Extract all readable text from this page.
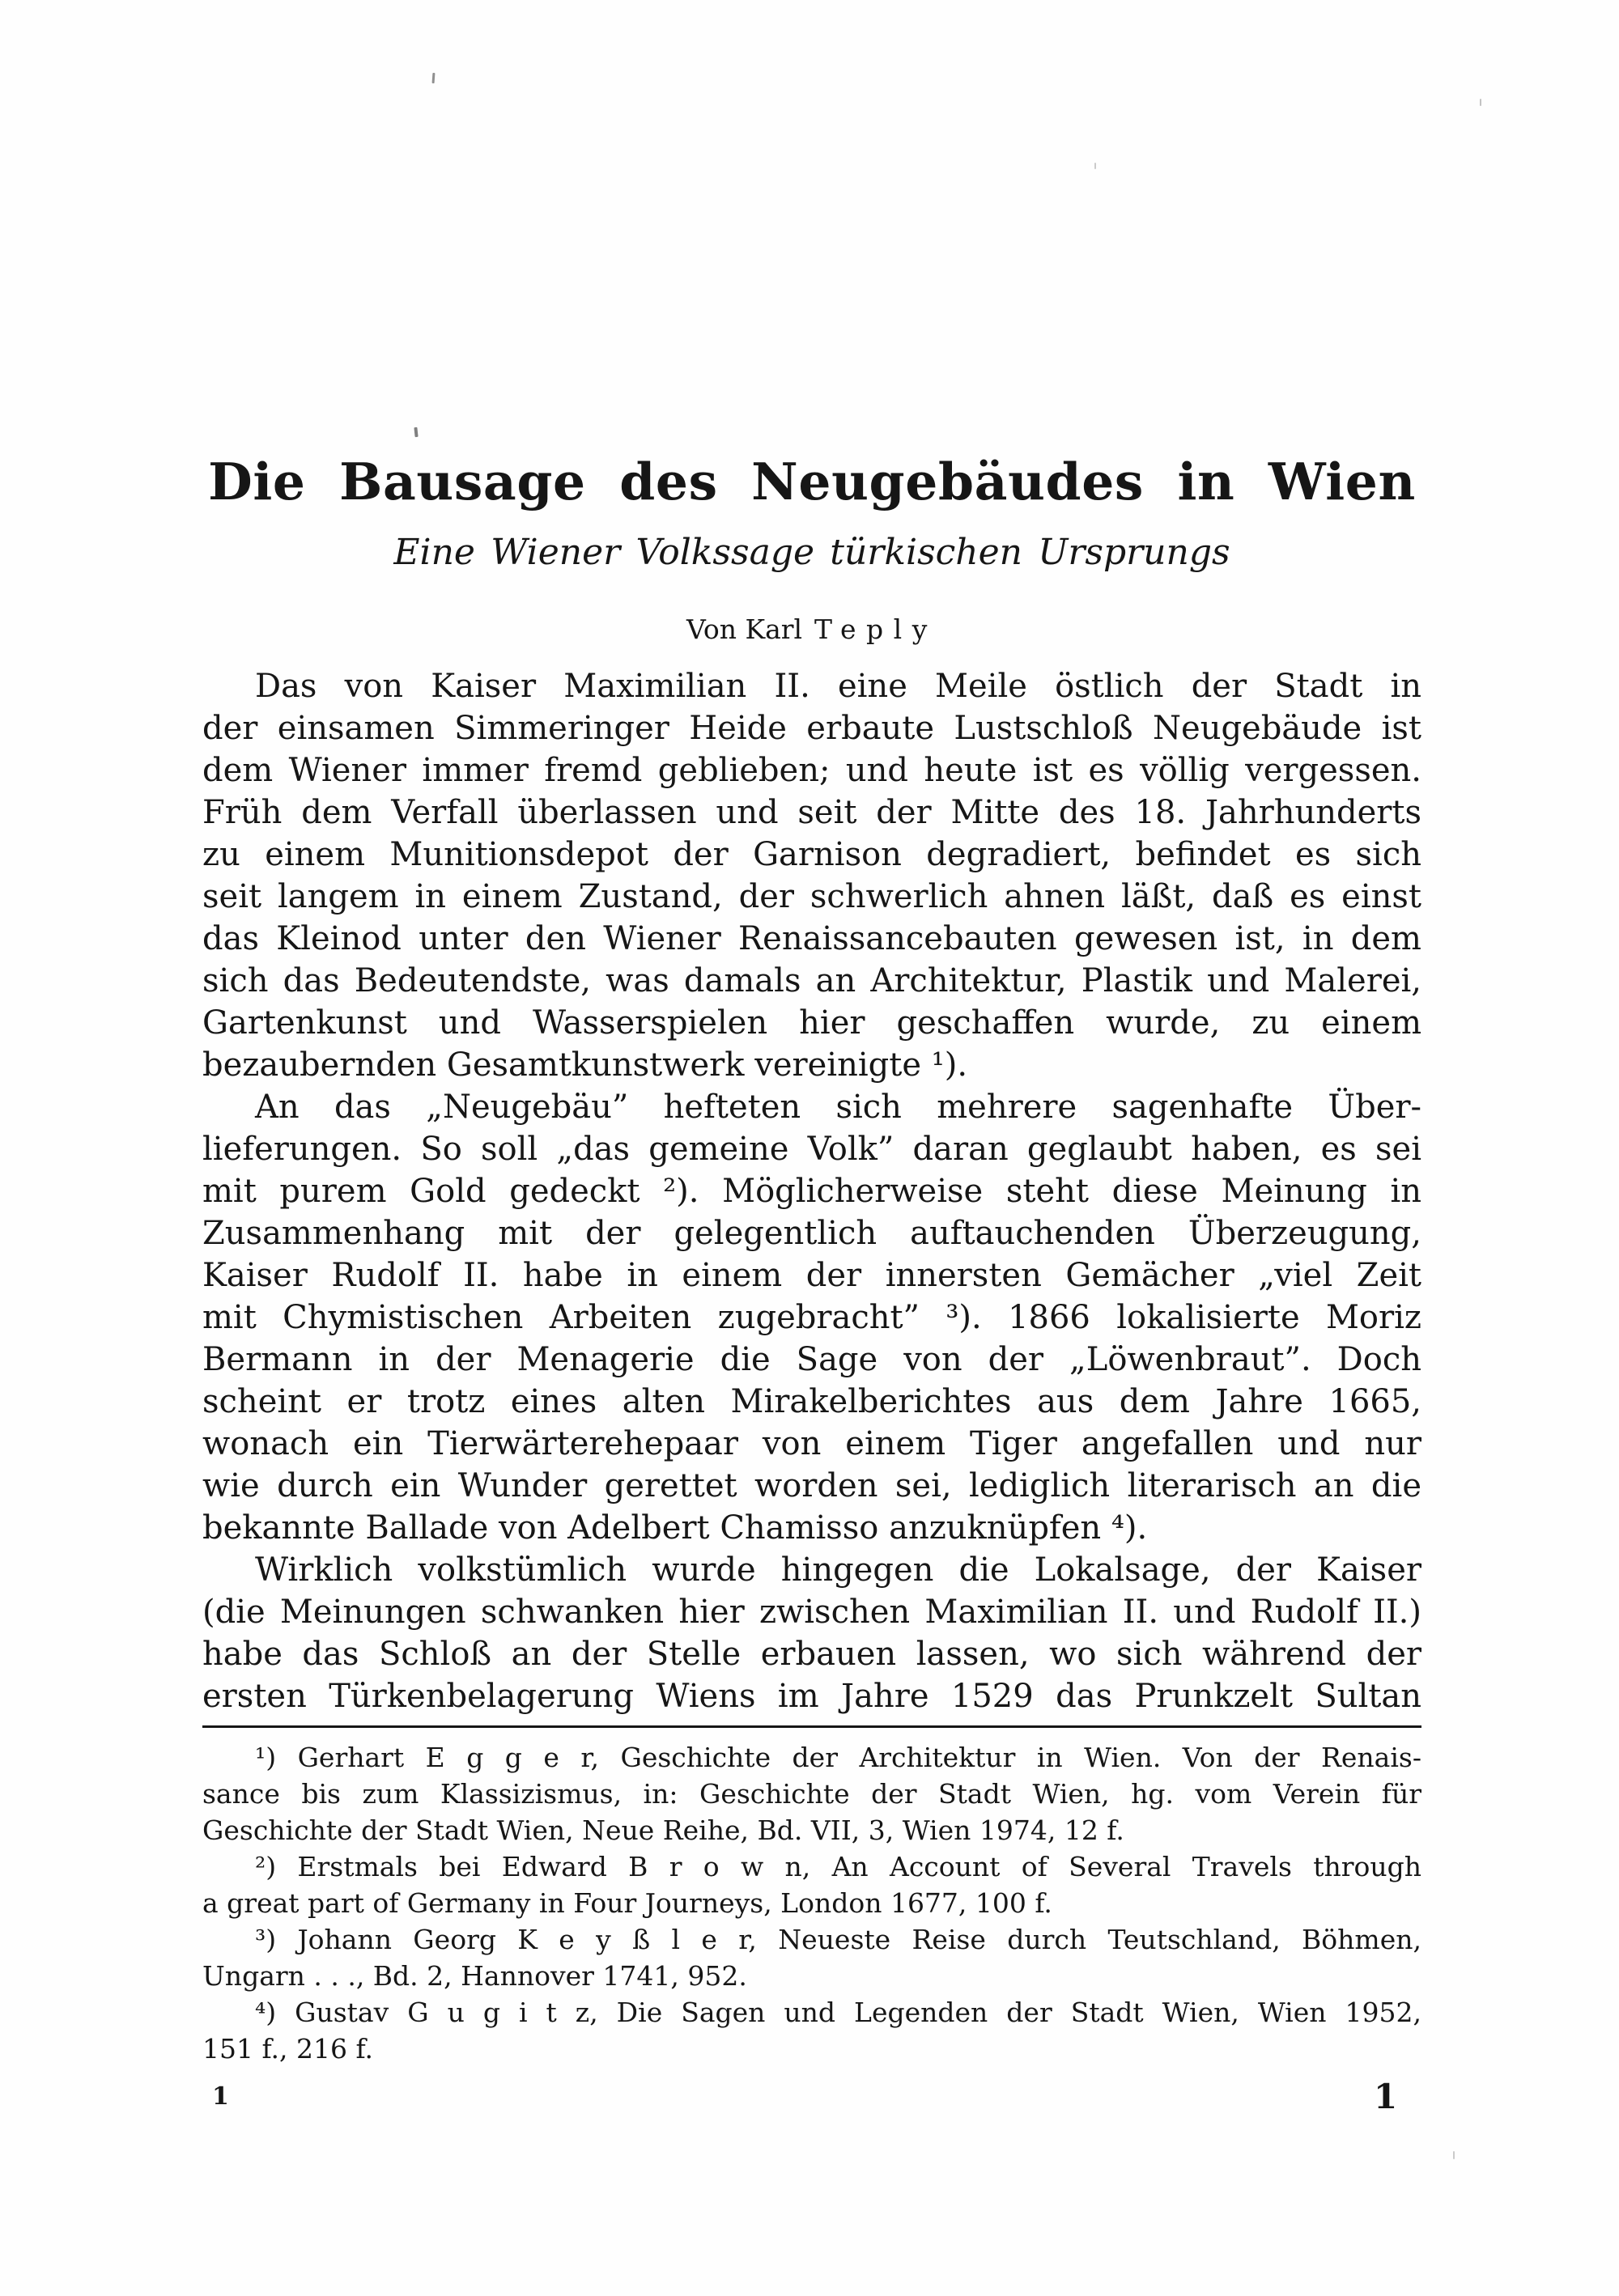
Die Bausage des Neugebäudes in Wien
Eine Wiener Volkssage türkischen Ursprungs
Von Karl Teply
Das von Kaiser Maximilian II. eine Meile östlich der Stadt in
der einsamen Simmeringer Heide erbaute Lustschloß Neugebäude ist
dem Wiener immer fremd geblieben; und heute ist es völlig vergessen.
Früh dem Verfall überlassen und seit der Mitte des 18. Jahrhunderts
zu einem Munitionsdepot der Garnison degradiert, befindet es sich
seit langem in einem Zustand, der schwerlich ahnen läßt, daß es einst
das Kleinod unter den Wiener Renaissancebauten gewesen ist, in dem
sich das Bedeutendste, was damals an Architektur, Plastik und Malerei,
Gartenkunst und Wasserspielen hier geschaffen wurde, zu einem
bezaubernden Gesamtkunstwerk vereinigte ¹).
An das „Neugebäu” hefteten sich mehrere sagenhafte Über-
lieferungen. So soll „das gemeine Volk” daran geglaubt haben, es sei
mit purem Gold gedeckt ²). Möglicherweise steht diese Meinung in
Zusammenhang mit der gelegentlich auftauchenden Überzeugung,
Kaiser Rudolf II. habe in einem der innersten Gemächer „viel Zeit
mit Chymistischen Arbeiten zugebracht” ³). 1866 lokalisierte Moriz
Bermann in der Menagerie die Sage von der „Löwenbraut”. Doch
scheint er trotz eines alten Mirakelberichtes aus dem Jahre 1665,
wonach ein Tierwärterehepaar von einem Tiger angefallen und nur
wie durch ein Wunder gerettet worden sei, lediglich literarisch an die
bekannte Ballade von Adelbert Chamisso anzuknüpfen ⁴).
Wirklich volkstümlich wurde hingegen die Lokalsage, der Kaiser
(die Meinungen schwanken hier zwischen Maximilian II. und Rudolf II.)
habe das Schloß an der Stelle erbauen lassen, wo sich während der
ersten Türkenbelagerung Wiens im Jahre 1529 das Prunkzelt Sultan
¹) Gerhart E g g e r, Geschichte der Architektur in Wien. Von der Renais-
sance bis zum Klassizismus, in: Geschichte der Stadt Wien, hg. vom Verein für
Geschichte der Stadt Wien, Neue Reihe, Bd. VII, 3, Wien 1974, 12 f.
²) Erstmals bei Edward B r o w n, An Account of Several Travels through
a great part of Germany in Four Journeys, London 1677, 100 f.
³) Johann Georg K e y ß l e r, Neueste Reise durch Teutschland, Böhmen,
Ungarn . . ., Bd. 2, Hannover 1741, 952.
⁴) Gustav G u g i t z, Die Sagen und Legenden der Stadt Wien, Wien 1952,
151 f., 216 f.
1	1
